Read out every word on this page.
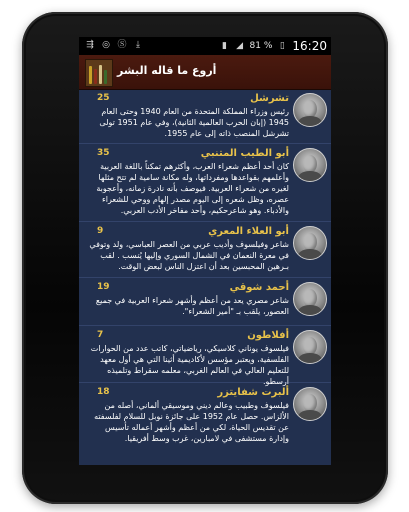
⇶ ◎ Ⓢ	⤓	▮ ◢ 81 % ▯ 16:20
أروع ما قاله البشر
تشرشل
25
رئيس وزراء المملكة المتحدة من العام 1940 وحتى العام 1945 (إبان الحرب العالمية الثانية)، وفي عام 1951 تولى تشرشل المنصب ذاته إلى عام 1955.
أبو الطيب المتنبي
35
كان أحد أعظم شعراء العرب، وأكثرهم تمكناً باللغة العربية وأعلمهم بقواعدها ومفرداتها، وله مكانة سامية لم تتح مثلها لغيره من شعراء العربية. فيوصف بأنه نادرة زمانه، وأعجوبة عصره، وظل شعره إلى اليوم مصدر إلهام ووحي للشعراء والأدباء. وهو شاعرحكيم، وأحد مفاخر الأدب العربي.
أبو العلاء المعري
9
شاعر وفيلسوف وأديب عربي من العصر العباسي، ولد وتوفي في معرة النعمان في الشمال السوري وإليها يُنسب . لقب بـرهين المحبسين بعد أن اعتزل الناس لبعض الوقت.
أحمد شوقي
19
شاعر مصري يعد من أعظم وأشهر شعراء العربية في جميع العصور، يلقب بـ "أمير الشعراء".
أفلاطون
7
فيلسوف يوناني كلاسيكي، رياضياتي، كاتب عدد من الحوارات الفلسفية، ويعتبر مؤسس لأكاديمية أثينا التي هي أول معهد للتعليم العالي في العالم الغربي، معلمه سقراط وتلميذه أرسطو.
ألبرت شفايتزر
18
فيلسوف وطبيب وعالم ديني وموسيقي ألماني، أصله من الألزاس. حصل عام 1952 على جائزة نوبل للسلام لفلسفته عن تقديس الحياة، لكي من أعظم وأشهر أعماله تأسيس وإدارة مستشفى في لامبارين، غرب وسط أفريقيا.
